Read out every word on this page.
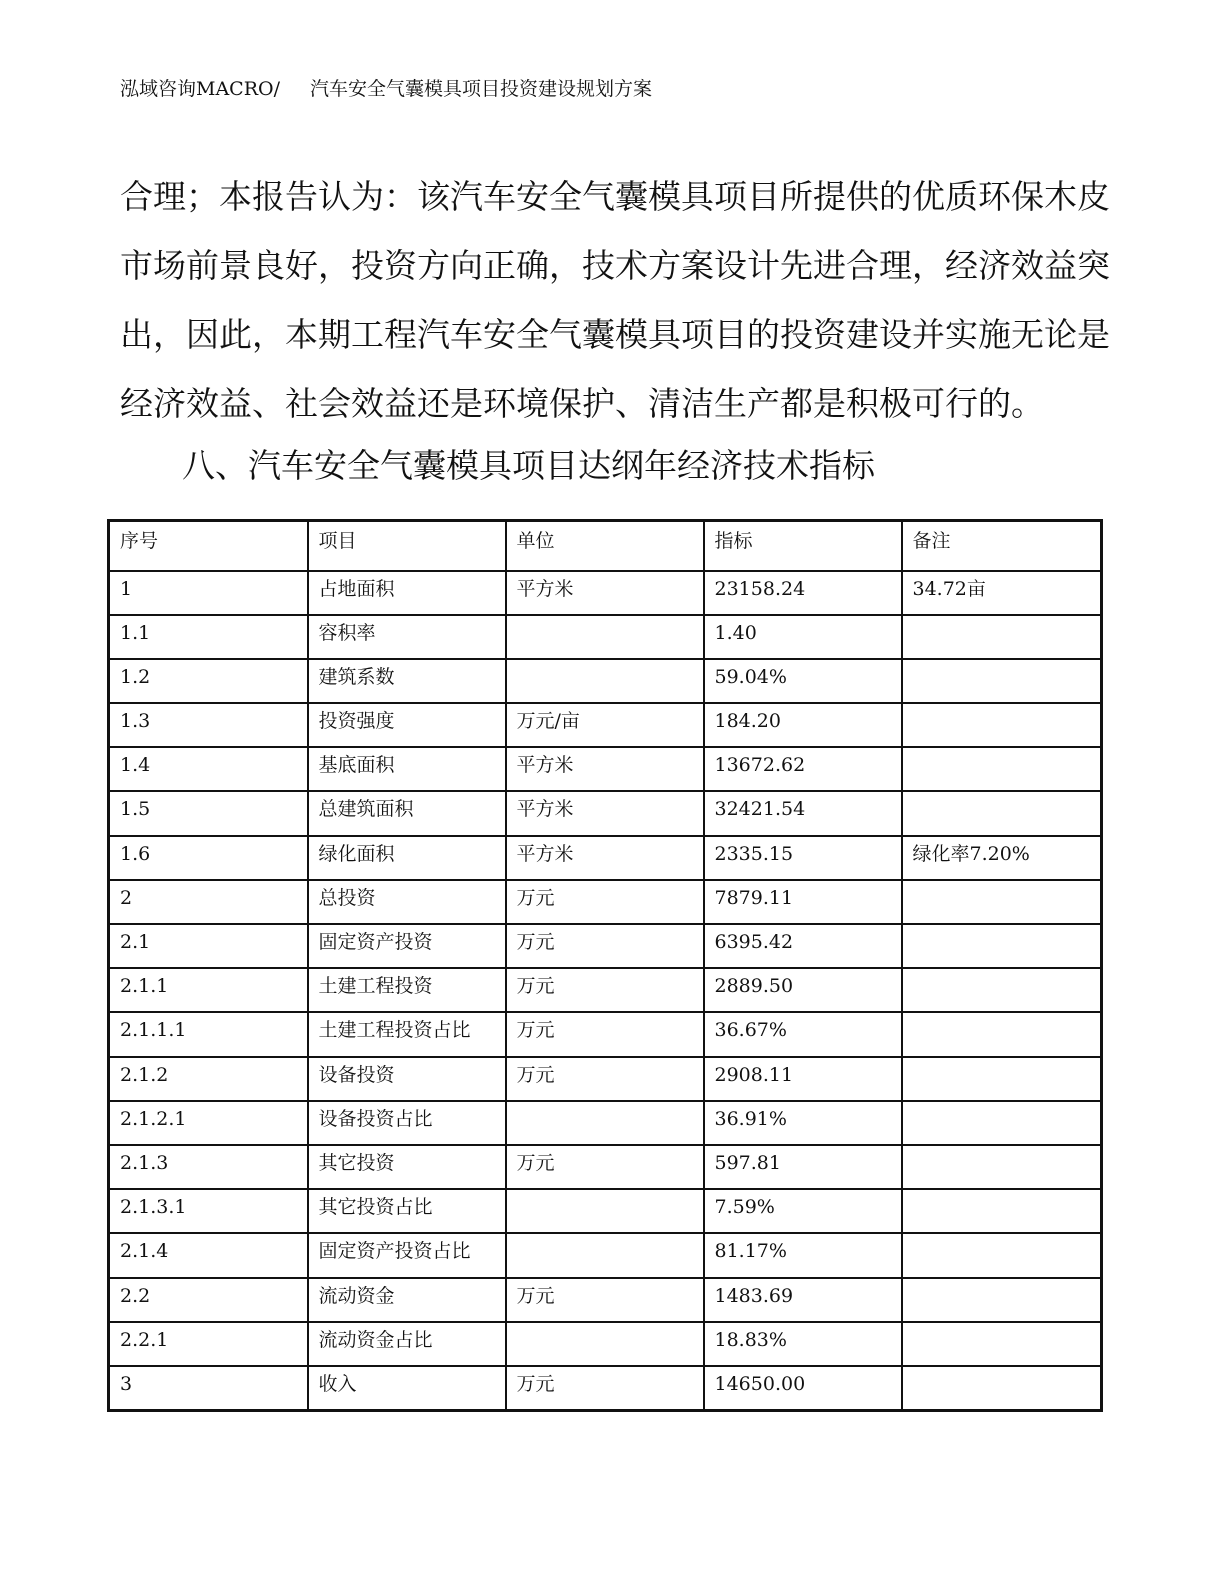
泓域咨询MACRO/ 汽车安全气囊模具项目投资建设规划方案
合理；本报告认为：该汽车安全气囊模具项目所提供的优质环保木皮
市场前景良好，投资方向正确，技术方案设计先进合理，经济效益突
出，因此，本期工程汽车安全气囊模具项目的投资建设并实施无论是
经济效益、社会效益还是环境保护、清洁生产都是积极可行的。
八、汽车安全气囊模具项目达纲年经济技术指标
序号	项目	单位	指标	备注
1	占地面积	平方米	23158.24	34.72亩
1.1	容积率		1.40	
1.2	建筑系数		59.04%	
1.3	投资强度	万元/亩	184.20	
1.4	基底面积	平方米	13672.62	
1.5	总建筑面积	平方米	32421.54	
1.6	绿化面积	平方米	2335.15	绿化率7.20%
2	总投资	万元	7879.11	
2.1	固定资产投资	万元	6395.42	
2.1.1	土建工程投资	万元	2889.50	
2.1.1.1	土建工程投资占比	万元	36.67%	
2.1.2	设备投资	万元	2908.11	
2.1.2.1	设备投资占比		36.91%	
2.1.3	其它投资	万元	597.81	
2.1.3.1	其它投资占比		7.59%	
2.1.4	固定资产投资占比		81.17%	
2.2	流动资金	万元	1483.69	
2.2.1	流动资金占比		18.83%	
3	收入	万元	14650.00	
